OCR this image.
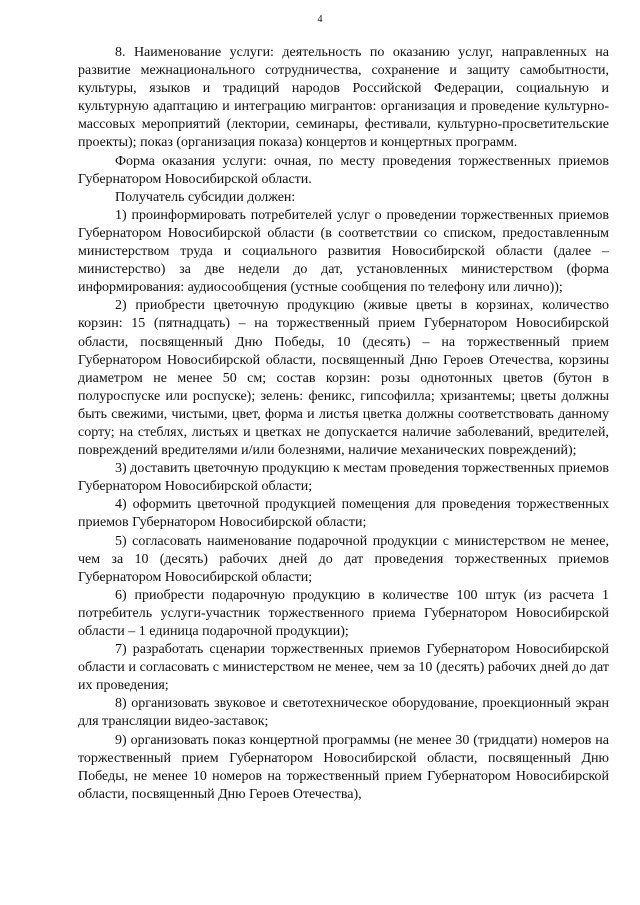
4

8. Наименование услуги: деятельность по оказанию услуг, направленных на развитие межнационального сотрудничества, сохранение и защиту самобытности, культуры, языков и традиций народов Российской Федерации, социальную и культурную адаптацию и интеграцию мигрантов: организация и проведение культурно-массовых мероприятий (лектории, семинары, фестивали, культурно-просветительские проекты); показ (организация показа) концертов и концертных программ.

Форма оказания услуги: очная, по месту проведения торжественных приемов Губернатором Новосибирской области.

Получатель субсидии должен:

1) проинформировать потребителей услуг о проведении торжественных приемов Губернатором Новосибирской области (в соответствии со списком, предоставленным министерством труда и социального развития Новосибирской области (далее – министерство) за две недели до дат, установленных министерством (форма информирования: аудиосообщения (устные сообщения по телефону или лично));

2) приобрести цветочную продукцию (живые цветы в корзинах, количество корзин: 15 (пятнадцать) – на торжественный прием Губернатором Новосибирской области, посвященный Дню Победы, 10 (десять) – на торжественный прием Губернатором Новосибирской области, посвященный Дню Героев Отечества, корзины диаметром не менее 50 см; состав корзин: розы однотонных цветов (бутон в полуроспуске или роспуске); зелень: феникс, гипсофилла; хризантемы; цветы должны быть свежими, чистыми, цвет, форма и листья цветка должны соответствовать данному сорту; на стеблях, листьях и цветках не допускается наличие заболеваний, вредителей, повреждений вредителями и/или болезнями, наличие механических повреждений);

3) доставить цветочную продукцию к местам проведения торжественных приемов Губернатором Новосибирской области;

4) оформить цветочной продукцией помещения для проведения торжественных приемов Губернатором Новосибирской области;

5) согласовать наименование подарочной продукции с министерством не менее, чем за 10 (десять) рабочих дней до дат проведения торжественных приемов Губернатором Новосибирской области;

6) приобрести подарочную продукцию в количестве 100 штук (из расчета 1 потребитель услуги-участник торжественного приема Губернатором Новосибирской области – 1 единица подарочной продукции);

7) разработать сценарии торжественных приемов Губернатором Новосибирской области и согласовать с министерством не менее, чем за 10 (десять) рабочих дней до дат их проведения;

8) организовать звуковое и светотехническое оборудование, проекционный экран для трансляции видео-заставок;

9) организовать показ концертной программы (не менее 30 (тридцати) номеров на торжественный прием Губернатором Новосибирской области, посвященный Дню Победы, не менее 10 номеров на торжественный прием Губернатором Новосибирской области, посвященный Дню Героев Отечества),
